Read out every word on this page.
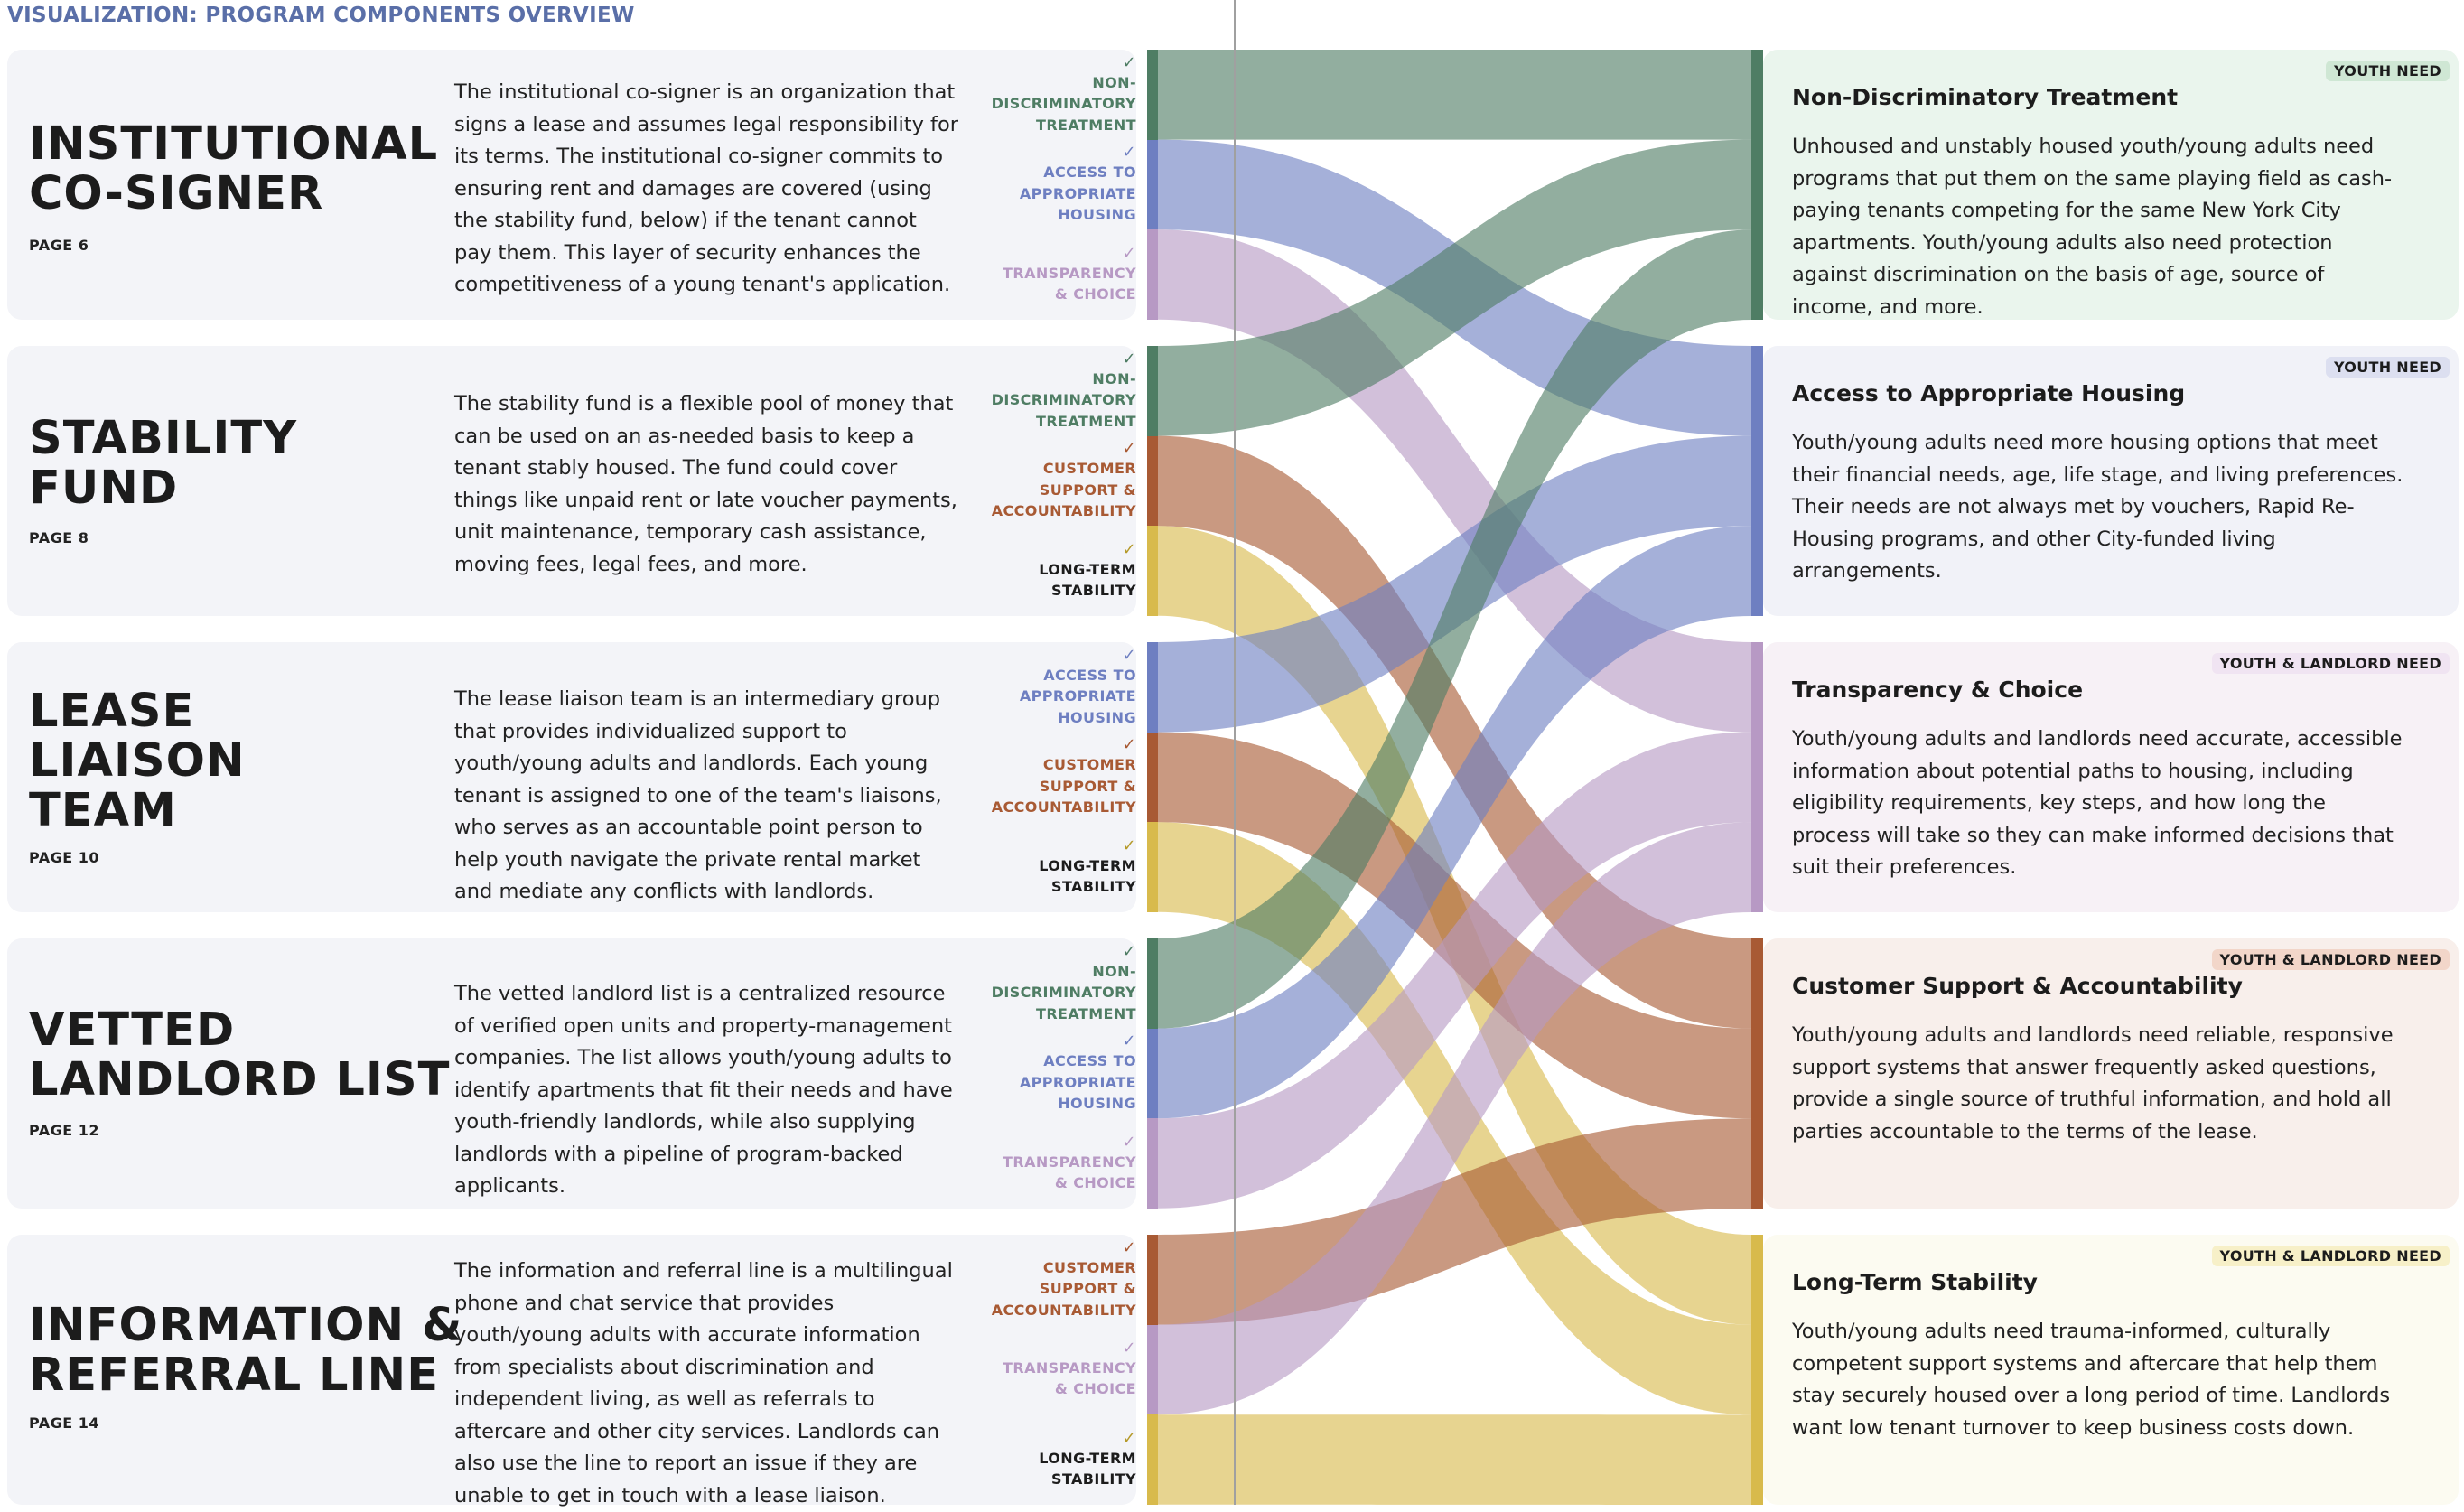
VISUALIZATION: PROGRAM COMPONENTS OVERVIEW
INSTITUTIONAL
CO-SIGNER
PAGE 6
The institutional co-signer is an organization that signs a lease and assumes legal responsibility for its terms. The institutional co-signer commits to ensuring rent and damages are covered (using the stability fund, below) if the tenant cannot pay them. This layer of security enhances the competitiveness of a young tenant's application.
✓
NON-
DISCRIMINATORY
TREATMENT
✓
ACCESS TO
APPROPRIATE
HOUSING
✓
TRANSPARENCY
& CHOICE
STABILITY
FUND
PAGE 8
The stability fund is a flexible pool of money that can be used on an as-needed basis to keep a tenant stably housed. The fund could cover things like unpaid rent or late voucher payments, unit maintenance, temporary cash assistance, moving fees, legal fees, and more.
✓
NON-
DISCRIMINATORY
TREATMENT
✓
CUSTOMER
SUPPORT &
ACCOUNTABILITY
✓
LONG-TERM
STABILITY
LEASE
LIAISON
TEAM
PAGE 10
The lease liaison team is an intermediary group that provides individualized support to youth/young adults and landlords. Each young tenant is assigned to one of the team's liaisons, who serves as an accountable point person to help youth navigate the private rental market and mediate any conflicts with landlords.
✓
ACCESS TO
APPROPRIATE
HOUSING
✓
CUSTOMER
SUPPORT &
ACCOUNTABILITY
✓
LONG-TERM
STABILITY
VETTED
LANDLORD LIST
PAGE 12
The vetted landlord list is a centralized resource of verified open units and property-management companies. The list allows youth/young adults to identify apartments that fit their needs and have youth-friendly landlords, while also supplying landlords with a pipeline of program-backed applicants.
✓
NON-
DISCRIMINATORY
TREATMENT
✓
ACCESS TO
APPROPRIATE
HOUSING
✓
TRANSPARENCY
& CHOICE
INFORMATION &
REFERRAL LINE
PAGE 14
The information and referral line is a multilingual phone and chat service that provides youth/young adults with accurate information from specialists about discrimination and independent living, as well as referrals to aftercare and other city services. Landlords can also use the line to report an issue if they are unable to get in touch with a lease liaison.
✓
CUSTOMER
SUPPORT &
ACCOUNTABILITY
✓
TRANSPARENCY
& CHOICE
✓
LONG-TERM
STABILITY
YOUTH NEED
Non-Discriminatory Treatment
Unhoused and unstably housed youth/young adults need programs that put them on the same playing field as cash-paying tenants competing for the same New York City apartments. Youth/young adults also need protection against discrimination on the basis of age, source of income, and more.
YOUTH NEED
Access to Appropriate Housing
Youth/young adults need more housing options that meet their financial needs, age, life stage, and living preferences. Their needs are not always met by vouchers, Rapid Re-Housing programs, and other City-funded living arrangements.
YOUTH & LANDLORD NEED
Transparency & Choice
Youth/young adults and landlords need accurate, accessible information about potential paths to housing, including eligibility requirements, key steps, and how long the process will take so they can make informed decisions that suit their preferences.
YOUTH & LANDLORD NEED
Customer Support & Accountability
Youth/young adults and landlords need reliable, responsive support systems that answer frequently asked questions, provide a single source of truthful information, and hold all parties accountable to the terms of the lease.
YOUTH & LANDLORD NEED
Long-Term Stability
Youth/young adults need trauma-informed, culturally competent support systems and aftercare that help them stay securely housed over a long period of time. Landlords want low tenant turnover to keep business costs down.
